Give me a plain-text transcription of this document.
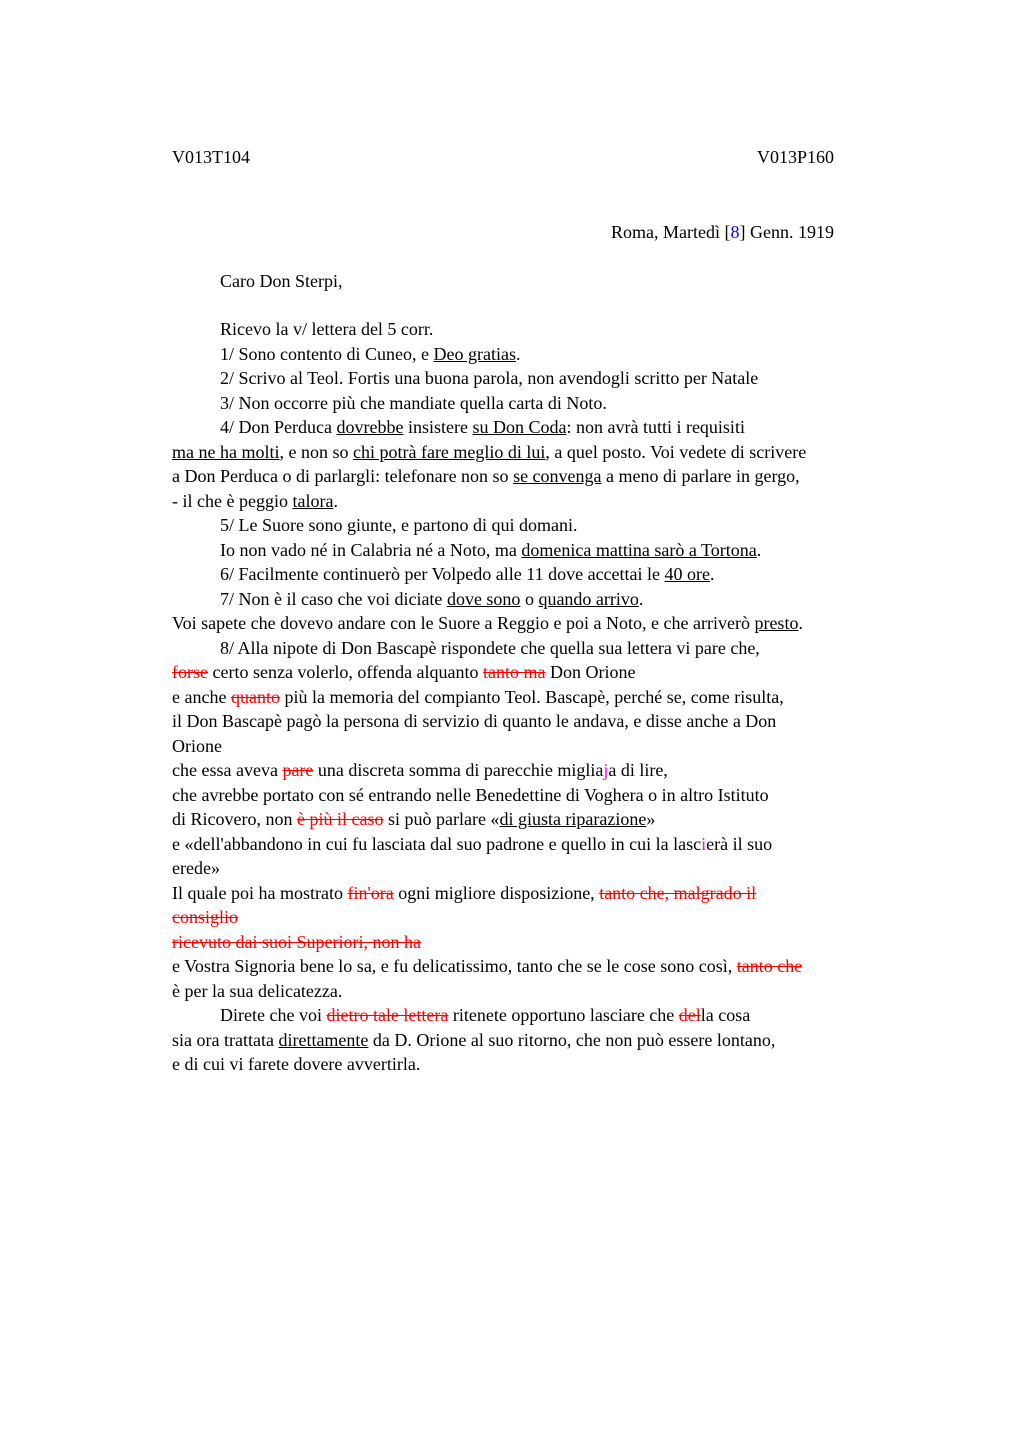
V013T104	V013P160
Roma, Martedì [8] Genn. 1919
Caro Don Sterpi,
Ricevo la v/ lettera del 5 corr.
1/ Sono contento di Cuneo, e Deo gratias.
2/ Scrivo al Teol. Fortis una buona parola, non avendogli scritto per Natale
3/ Non occorre più che mandiate quella carta di Noto.
4/ Don Perduca dovrebbe insistere su Don Coda: non avrà tutti i requisiti
ma ne ha molti, e non so chi potrà fare meglio di lui, a quel posto. Voi vedete di scrivere
a Don Perduca o di parlargli: telefonare non so se convenga a meno di parlare in gergo,
- il che è peggio talora.
5/ Le Suore sono giunte, e partono di qui domani.
Io non vado né in Calabria né a Noto, ma domenica mattina sarò a Tortona.
6/ Facilmente continuerò per Volpedo alle 11 dove accettai le 40 ore.
7/ Non è il caso che voi diciate dove sono o quando arrivo.
Voi sapete che dovevo andare con le Suore a Reggio e poi a Noto, e che arriverò presto.
8/ Alla nipote di Don Bascapè rispondete che quella sua lettera vi pare che,
forse certo senza volerlo, offenda alquanto tanto ma Don Orione
e anche quanto più la memoria del compianto Teol. Bascapè, perché se, come risulta,
il Don Bascapè pagò la persona di servizio di quanto le andava, e disse anche a Don
Orione
che essa aveva pare una discreta somma di parecchie migliaja di lire,
che avrebbe portato con sé entrando nelle Benedettine di Voghera o in altro Istituto
di Ricovero, non è più il caso si può parlare «di giusta riparazione»
e «dell'abbandono in cui fu lasciata dal suo padrone e quello in cui la lascierà il suo
erede»
Il quale poi ha mostrato fin'ora ogni migliore disposizione, tanto che, malgrado il
consiglio
ricevuto dai suoi Superiori, non ha
e Vostra Signoria bene lo sa, e fu delicatissimo, tanto che se le cose sono così, tanto che
è per la sua delicatezza.
Direte che voi dietro tale lettera ritenete opportuno lasciare che della cosa
sia ora trattata direttamente da D. Orione al suo ritorno, che non può essere lontano,
e di cui vi farete dovere avvertirla.
